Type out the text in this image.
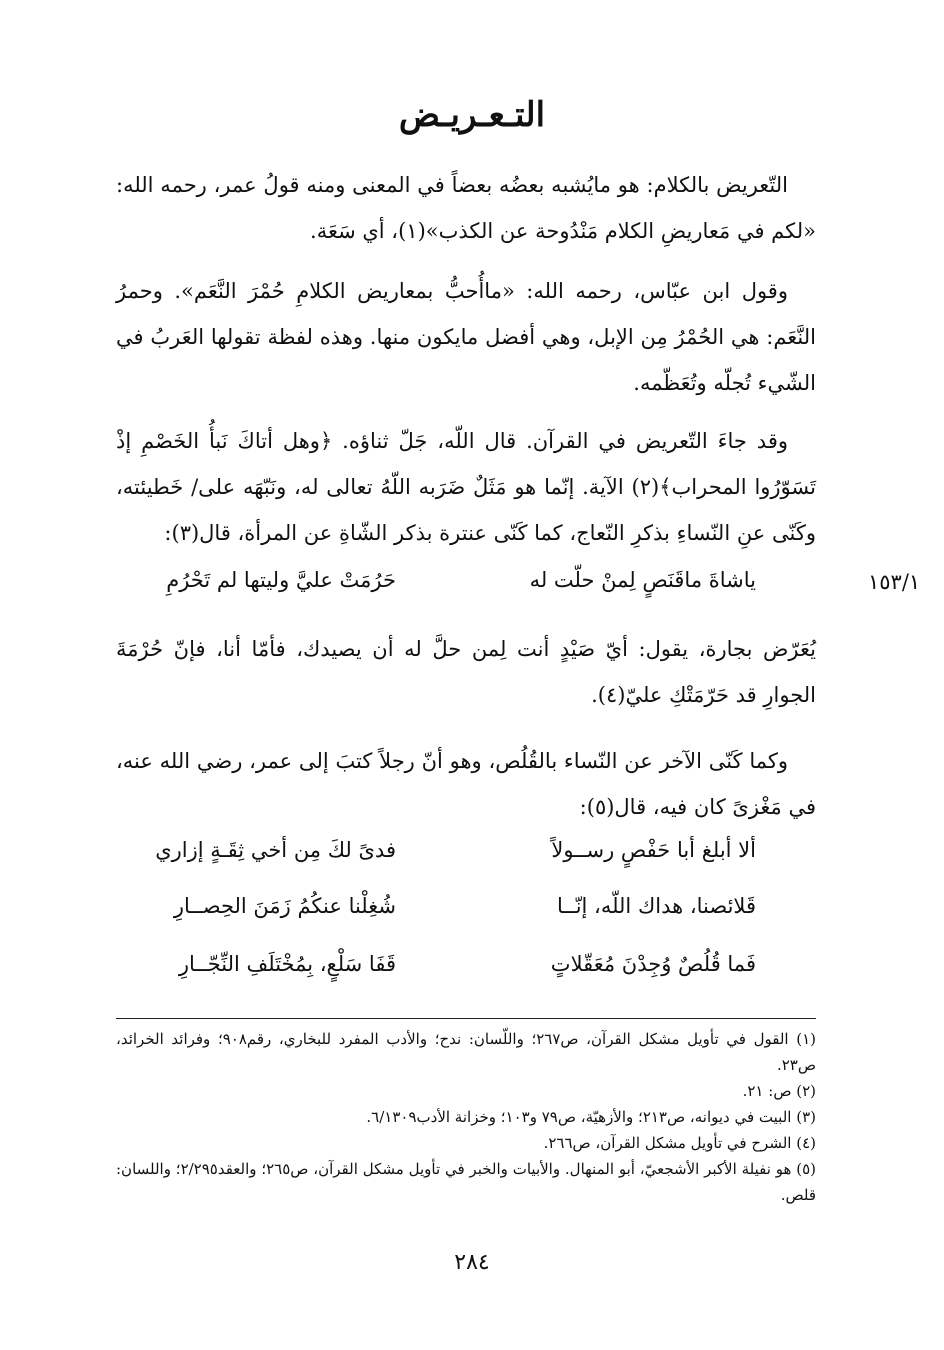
التـعـريـض
التّعريض بالكلام: هو مايُشبه بعضُه بعضاً في المعنى ومنه قولُ عمر، رحمه الله: «لكم في مَعاريضِ الكلام مَنْدُوحة عن الكذب»(١)، أي سَعَة.
وقول ابن عبّاس، رحمه الله: «ماأُحبُّ بمعاريض الكلامِ حُمْرَ النَّعَم». وحمرُ النَّعَم: هي الحُمْرُ مِن الإبل، وهي أفضل مايكون منها. وهذه لفظة تقولها العَربُ في الشّيء تُجلّه وتُعَظّمه.
وقد جاءَ التّعريض في القرآن. قال اللّه، جَلّ ثناؤه. ﴿وهل أتاكَ نَبأُ الخَصْمِ إذْ تَسَوّرُوا المحراب﴾(٢) الآية. إنّما هو مَثَلٌ ضَرَبه اللّهُ تعالى له، ونَبّهَه على/ خَطيئته، وكَنّى عنِ النّساءِ بذكرِ النّعاج، كما كَنّى عنترة بذكر الشّاةِ عن المرأة، قال(٣):
ياشاةَ ماقَنَصٍ لِمنْ حلّت له
حَرُمَتْ عليَّ وليتها لم تَحْرُمِ	١٥٣/١
يُعَرّض بجارة، يقول: أيّ صَيْدٍ أنت لِمن حلَّ له أن يصيدك، فأمّا أنا، فإنّ حُرْمَةَ الجوارِ قد حَرّمَتْكِ عليّ(٤).
وكما كَنّى الآخر عن النّساء بالقُلُص، وهو أنّ رجلاً كتبَ إلى عمر، رضي الله عنه، في مَغْزىً كان فيه، قال(٥):
ألا أبلغ أبا حَفْصٍ رســولاً
فدىً لكَ مِن أخي ثِقَـةٍ إزاري
قَلائصنا، هداك اللّه، إنّــا
شُغِلْنا عنكُمُ زَمَنَ الحِصــارِ
فَما قُلُصٌ وُجِدْنَ مُعَقّلاتٍ
قَفَا سَلْعٍ، بِمُخْتَلَفِ النِّجّــارِ

(١) القول في تأويل مشكل القرآن، ص٢٦٧؛ واللّسان: ندح؛ والأدب المفرد للبخاري، رقم٩٠٨؛ وفرائد الخرائد، ص٢٣.

(٢) ص: ٢١.

(٣) البيت في ديوانه، ص٢١٣؛ والأزهيّة، ص٧٩ و١٠٣؛ وخزانة الأدب٦/١٣٠٩.

(٤) الشرح في تأويل مشكل القرآن، ص٢٦٦.

(٥) هو نفيلة الأكبر الأشجعيّ، أبو المنهال. والأبيات والخبر في تأويل مشكل القرآن، ص٢٦٥؛ والعقد٢/٢٩٥؛ واللسان: قلص.

٢٨٤
